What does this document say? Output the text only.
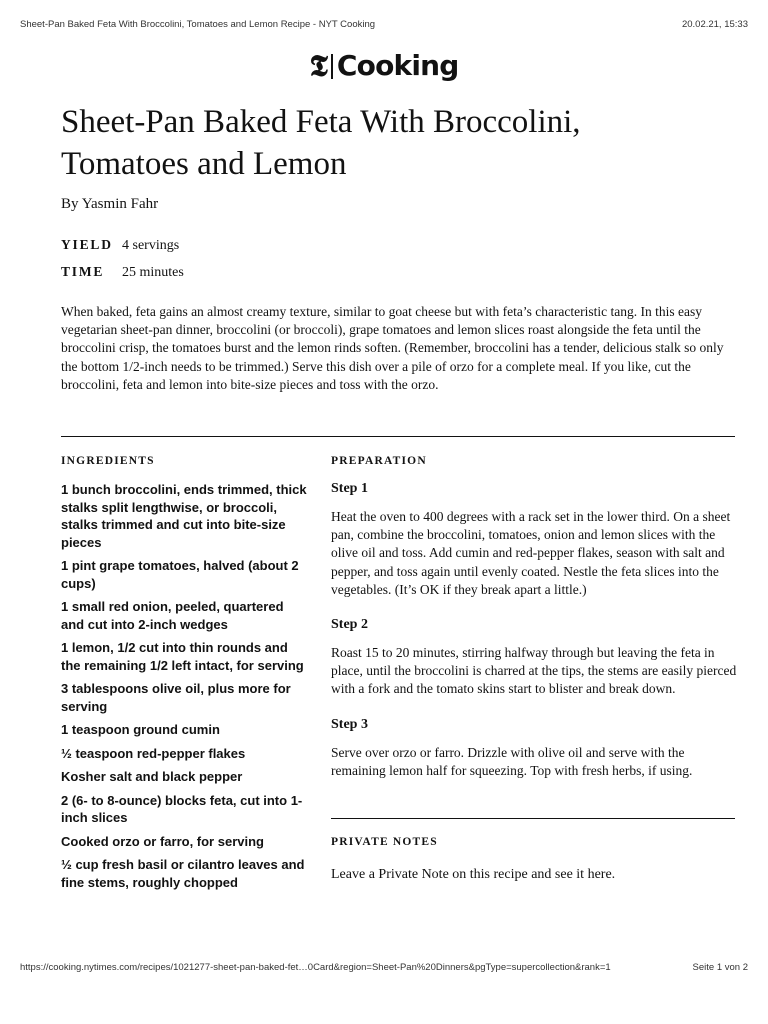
Sheet-Pan Baked Feta With Broccolini, Tomatoes and Lemon Recipe - NYT Cooking	20.02.21, 15:33
𝕿 Cooking
Sheet-Pan Baked Feta With Broccolini,
Tomatoes and Lemon
By Yasmin Fahr
YIELD 4 servings
TIME	25 minutes

When baked, feta gains an almost creamy texture, similar to goat cheese but with feta’s characteristic tang. In this easy vegetarian sheet-pan dinner, broccolini (or broccoli), grape tomatoes and lemon slices roast alongside the feta until the broccolini crisp, the tomatoes burst and the lemon rinds soften. (Remember, broccolini has a tender, delicious stalk so only the bottom 1/2-inch needs to be trimmed.) Serve this dish over a pile of orzo for a complete meal. If you like, cut the broccolini, feta and lemon into bite-size pieces and toss with the orzo.

INGREDIENTS
1 bunch broccolini, ends trimmed, thick stalks split lengthwise, or broccoli, stalks trimmed and cut into bite-size pieces
1 pint grape tomatoes, halved (about 2 cups)
1 small red onion, peeled, quartered and cut into 2-inch wedges
1 lemon, 1/2 cut into thin rounds and the remaining 1/2 left intact, for serving
3 tablespoons olive oil, plus more for serving
1 teaspoon ground cumin
½ teaspoon red-pepper flakes
Kosher salt and black pepper
2 (6- to 8-ounce) blocks feta, cut into 1-inch slices
Cooked orzo or farro, for serving
½ cup fresh basil or cilantro leaves and fine stems, roughly chopped
PREPARATION
Step 1

Heat the oven to 400 degrees with a rack set in the lower third. On a sheet pan, combine the broccolini, tomatoes, onion and lemon slices with the olive oil and toss. Add cumin and red-pepper flakes, season with salt and pepper, and toss again until evenly coated. Nestle the feta slices into the vegetables. (It’s OK if they break apart a little.)

Step 2

Roast 15 to 20 minutes, stirring halfway through but leaving the feta in place, until the broccolini is charred at the tips, the stems are easily pierced with a fork and the tomato skins start to blister and break down.

Step 3

Serve over orzo or farro. Drizzle with olive oil and serve with the remaining lemon half for squeezing. Top with fresh herbs, if using.

PRIVATE NOTES

Leave a Private Note on this recipe and see it here.

https://cooking.nytimes.com/recipes/1021277-sheet-pan-baked-fet…0Card&region=Sheet-Pan%20Dinners&pgType=supercollection&rank=1	Seite 1 von 2
